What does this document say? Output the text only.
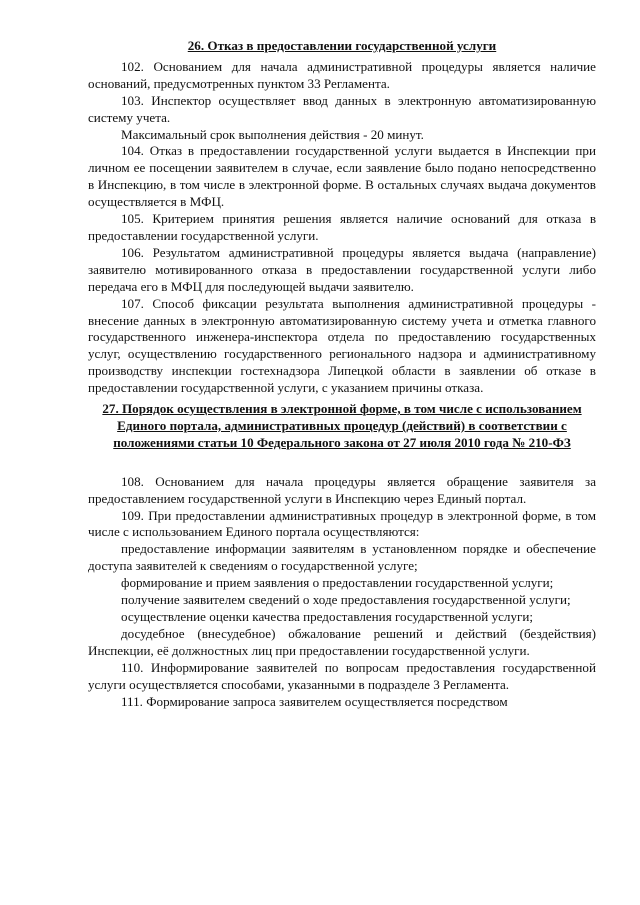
26. Отказ в предоставлении государственной услуги

102. Основанием для начала административной процедуры является наличие оснований, предусмотренных пунктом 33 Регламента.

103. Инспектор осуществляет ввод данных в электронную автоматизированную систему учета.

Максимальный срок выполнения действия - 20 минут.

104. Отказ в предоставлении государственной услуги выдается в Инспекции при личном ее посещении заявителем в случае, если заявление было подано непосредственно в Инспекцию, в том числе в электронной форме. В остальных случаях выдача документов осуществляется в МФЦ.

105. Критерием принятия решения является наличие оснований для отказа в предоставлении государственной услуги.

106. Результатом административной процедуры является выдача (направление) заявителю мотивированного отказа в предоставлении государственной услуги либо передача его в МФЦ для последующей выдачи заявителю.

107. Способ фиксации результата выполнения административной процедуры - внесение данных в электронную автоматизированную систему учета и отметка главного государственного инженера-инспектора отдела по предоставлению государственных услуг, осуществлению государственного регионального надзора и административному производству инспекции гостехнадзора Липецкой области в заявлении об отказе в предоставлении государственной услуги, с указанием причины отказа.

27. Порядок осуществления в электронной форме, в том числе с использованием Единого портала, административных процедур (действий) в соответствии с положениями статьи 10 Федерального закона от 27 июля 2010 года № 210-ФЗ

108. Основанием для начала процедуры является обращение заявителя за предоставлением государственной услуги в Инспекцию через Единый портал.

109. При предоставлении административных процедур в электронной форме, в том числе с использованием Единого портала осуществляются:

предоставление информации заявителям в установленном порядке и обеспечение доступа заявителей к сведениям о государственной услуге;

формирование и прием заявления о предоставлении государственной услуги;

получение заявителем сведений о ходе предоставления государственной услуги;

осуществление оценки качества предоставления государственной услуги;

досудебное (внесудебное) обжалование решений и действий (бездействия) Инспекции, её должностных лиц при предоставлении государственной услуги.

110. Информирование заявителей по вопросам предоставления государственной услуги осуществляется способами, указанными в подразделе 3 Регламента.

111. Формирование запроса заявителем осуществляется посредством
